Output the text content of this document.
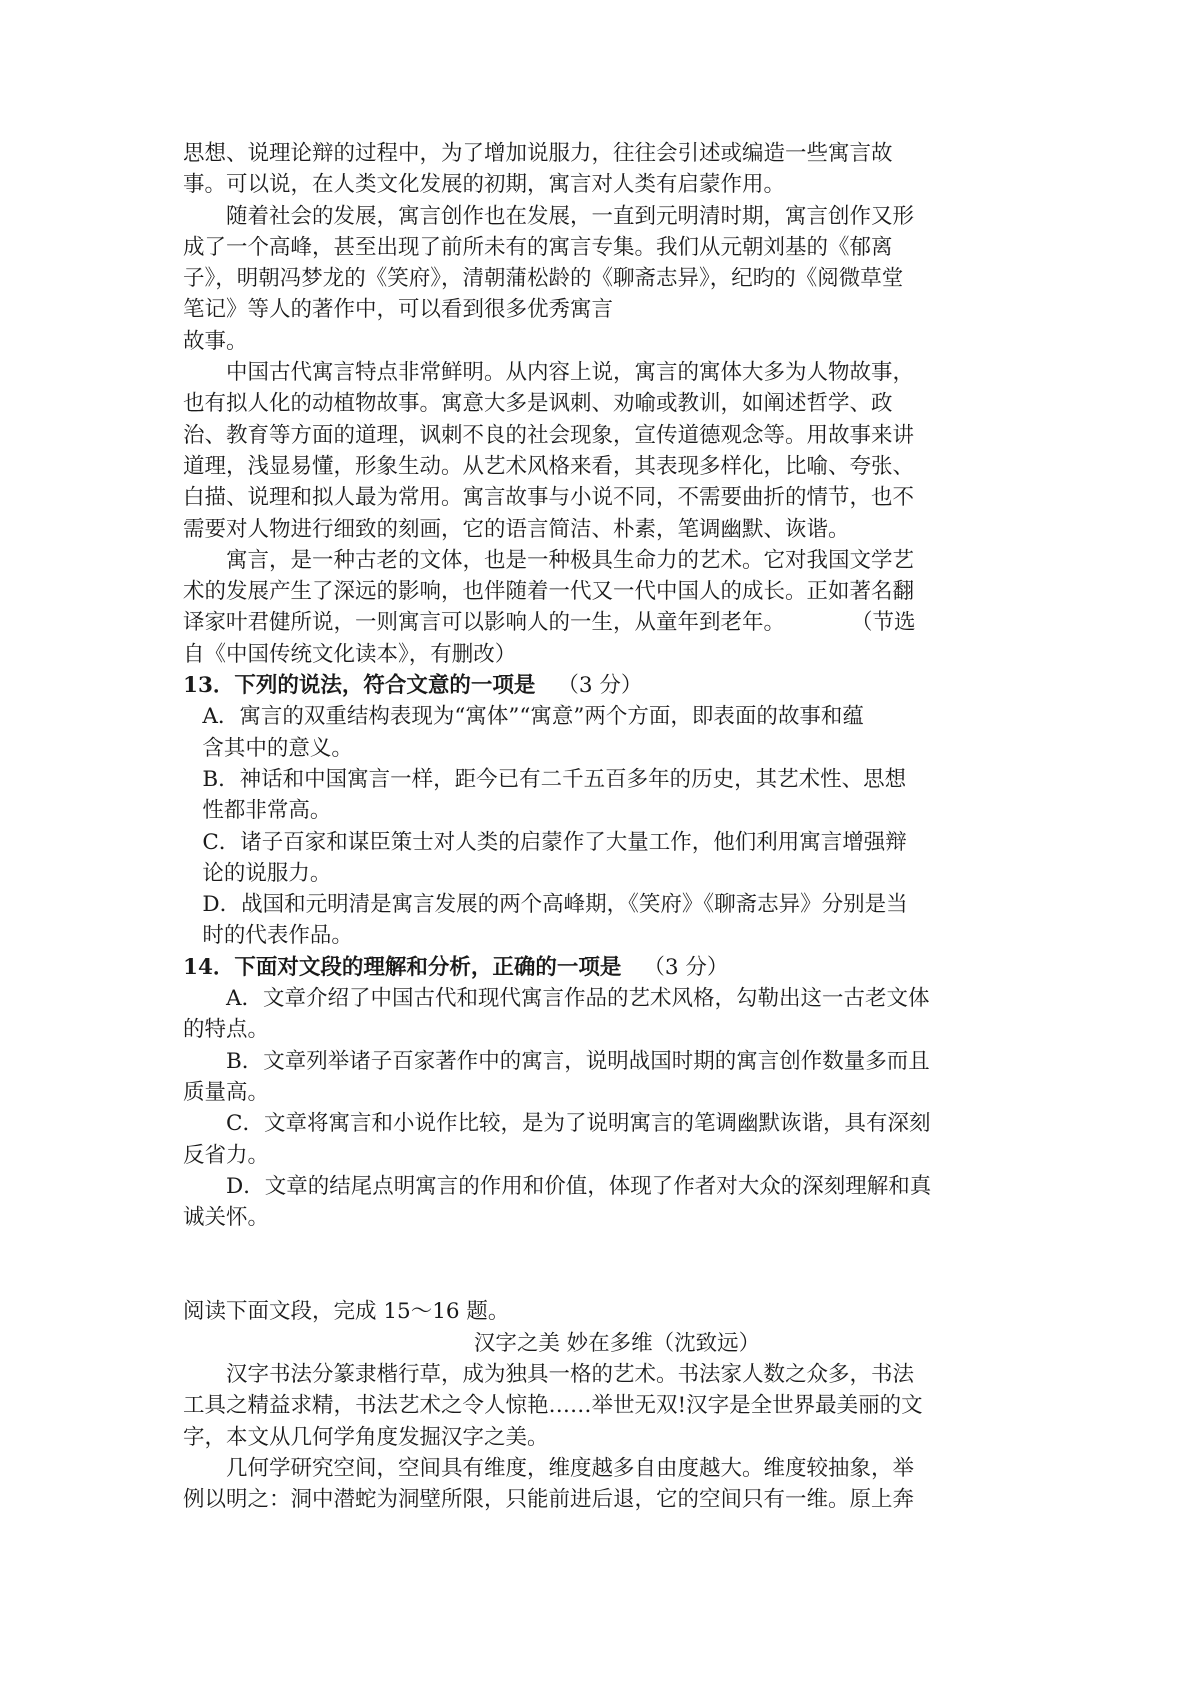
思想、说理论辩的过程中，为了增加说服力，往往会引述或编造一些寓言故
事。可以说，在人类文化发展的初期，寓言对人类有启蒙作用。
随着社会的发展，寓言创作也在发展，一直到元明清时期，寓言创作又形
成了一个高峰，甚至出现了前所未有的寓言专集。我们从元朝刘基的《郁离
子》，明朝冯梦龙的《笑府》，清朝蒲松龄的《聊斋志异》，纪昀的《阅微草堂
笔记》等人的著作中，可以看到很多优秀寓言
故事。
中国古代寓言特点非常鲜明。从内容上说，寓言的寓体大多为人物故事，
也有拟人化的动植物故事。寓意大多是讽刺、劝喻或教训，如阐述哲学、政
治、教育等方面的道理，讽刺不良的社会现象，宣传道德观念等。用故事来讲
道理，浅显易懂，形象生动。从艺术风格来看，其表现多样化，比喻、夸张、
白描、说理和拟人最为常用。寓言故事与小说不同，不需要曲折的情节，也不
需要对人物进行细致的刻画，它的语言简洁、朴素，笔调幽默、诙谐。
寓言，是一种古老的文体，也是一种极具生命力的艺术。它对我国文学艺
术的发展产生了深远的影响，也伴随着一代又一代中国人的成长。正如著名翻
译家叶君健所说，一则寓言可以影响人的一生，从童年到老年。	（节选
自《中国传统文化读本》，有删改）
13．下列的说法，符合文意的一项是 （3 分）
A．寓言的双重结构表现为“寓体”“寓意”两个方面，即表面的故事和蕴
含其中的意义。
B．神话和中国寓言一样，距今已有二千五百多年的历史，其艺术性、思想
性都非常高。
C．诸子百家和谋臣策士对人类的启蒙作了大量工作，他们利用寓言增强辩
论的说服力。
D．战国和元明清是寓言发展的两个高峰期，《笑府》《聊斋志异》分别是当
时的代表作品。
14．下面对文段的理解和分析，正确的一项是 （3 分）
A．文章介绍了中国古代和现代寓言作品的艺术风格，勾勒出这一古老文体
的特点。
B．文章列举诸子百家著作中的寓言，说明战国时期的寓言创作数量多而且
质量高。
C．文章将寓言和小说作比较，是为了说明寓言的笔调幽默诙谐，具有深刻
反省力。
D．文章的结尾点明寓言的作用和价值，体现了作者对大众的深刻理解和真
诚关怀。
阅读下面文段，完成 15～16 题。
汉字之美 妙在多维（沈致远）
汉字书法分篆隶楷行草，成为独具一格的艺术。书法家人数之众多，书法
工具之精益求精，书法艺术之令人惊艳……举世无双!汉字是全世界最美丽的文
字，本文从几何学角度发掘汉字之美。
几何学研究空间，空间具有维度，维度越多自由度越大。维度较抽象，举
例以明之：洞中潜蛇为洞壁所限，只能前进后退，它的空间只有一维。原上奔
